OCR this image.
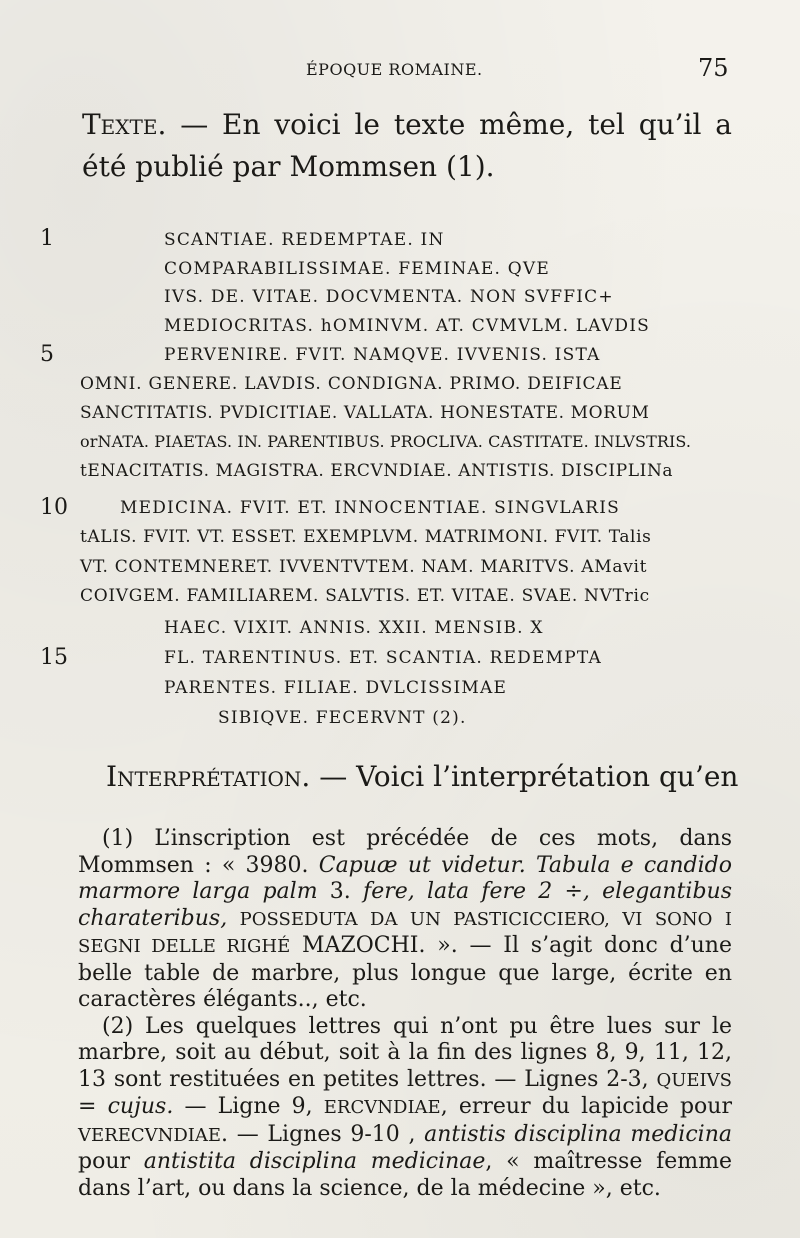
ÉPOQUE ROMAINE.	75
Texte. — En voici le texte même, tel qu’il a été publié par Mommsen (1).
1
5
10
15
SCANTIAE. REDEMPTAE. IN
COMPARABILISSIMAE. FEMINAE. QVE
IVS. DE. VITAE. DOCVMENTA. NON SVFFIC+
MEDIOCRITAS. hOMINVM. AT. CVMVLM. LAVDIS
PERVENIRE. FVIT. NAMQVE. IVVENIS. ISTA
OMNI. GENERE. LAVDIS. CONDIGNA. PRIMO. DEIFICAE
SANCTITATIS. PVDICITIAE. VALLATA. HONESTATE. MORUM
orNATA. PIAETAS. IN. PARENTIBUS. PROCLIVA. CASTITATE. INLVSTRIS.
tENACITATIS. MAGISTRA. ERCVNDIAE. ANTISTIS. DISCIPLINa
MEDICINA. FVIT. ET. INNOCENTIAE. SINGVLARIS
tALIS. FVIT. VT. ESSET. EXEMPLVM. MATRIMONI. FVIT. Talis
VT. CONTEMNERET. IVVENTVTEM. NAM. MARITVS. AMavit
COIVGEM. FAMILIAREM. SALVTIS. ET. VITAE. SVAE. NVTric
HAEC. VIXIT. ANNIS. XXII. MENSIB. X
FL. TARENTINUS. ET. SCANTIA. REDEMPTA
PARENTES. FILIAE. DVLCISSIMAE
SIBIQVE. FECERVNT (2).
Interprétation. — Voici l’interprétation qu’en
(1) L’inscription est précédée de ces mots, dans Mommsen : « 3980. Capuæ ut videtur. Tabula e candido marmore larga palm 3. fere, lata fere 2 ÷, elegantibus charateribus, POSSEDUTA DA UN PASTICICCIERO, VI SONO I SEGNI DELLE RIGHÉ MAZOCHI. ». — Il s’agit donc d’une belle table de marbre, plus longue que large, écrite en caractères élégants.., etc.
(2) Les quelques lettres qui n’ont pu être lues sur le marbre, soit au début, soit à la fin des lignes 8, 9, 11, 12, 13 sont restituées en petites lettres. — Lignes 2-3, QUEIVS = cujus. — Ligne 9, ERCVNDIAE, erreur du lapicide pour VERECVNDIAE. — Lignes 9-10 , antistis disciplina medicina pour antistita disciplina medicinae, « maîtresse femme dans l’art, ou dans la science, de la médecine », etc.
